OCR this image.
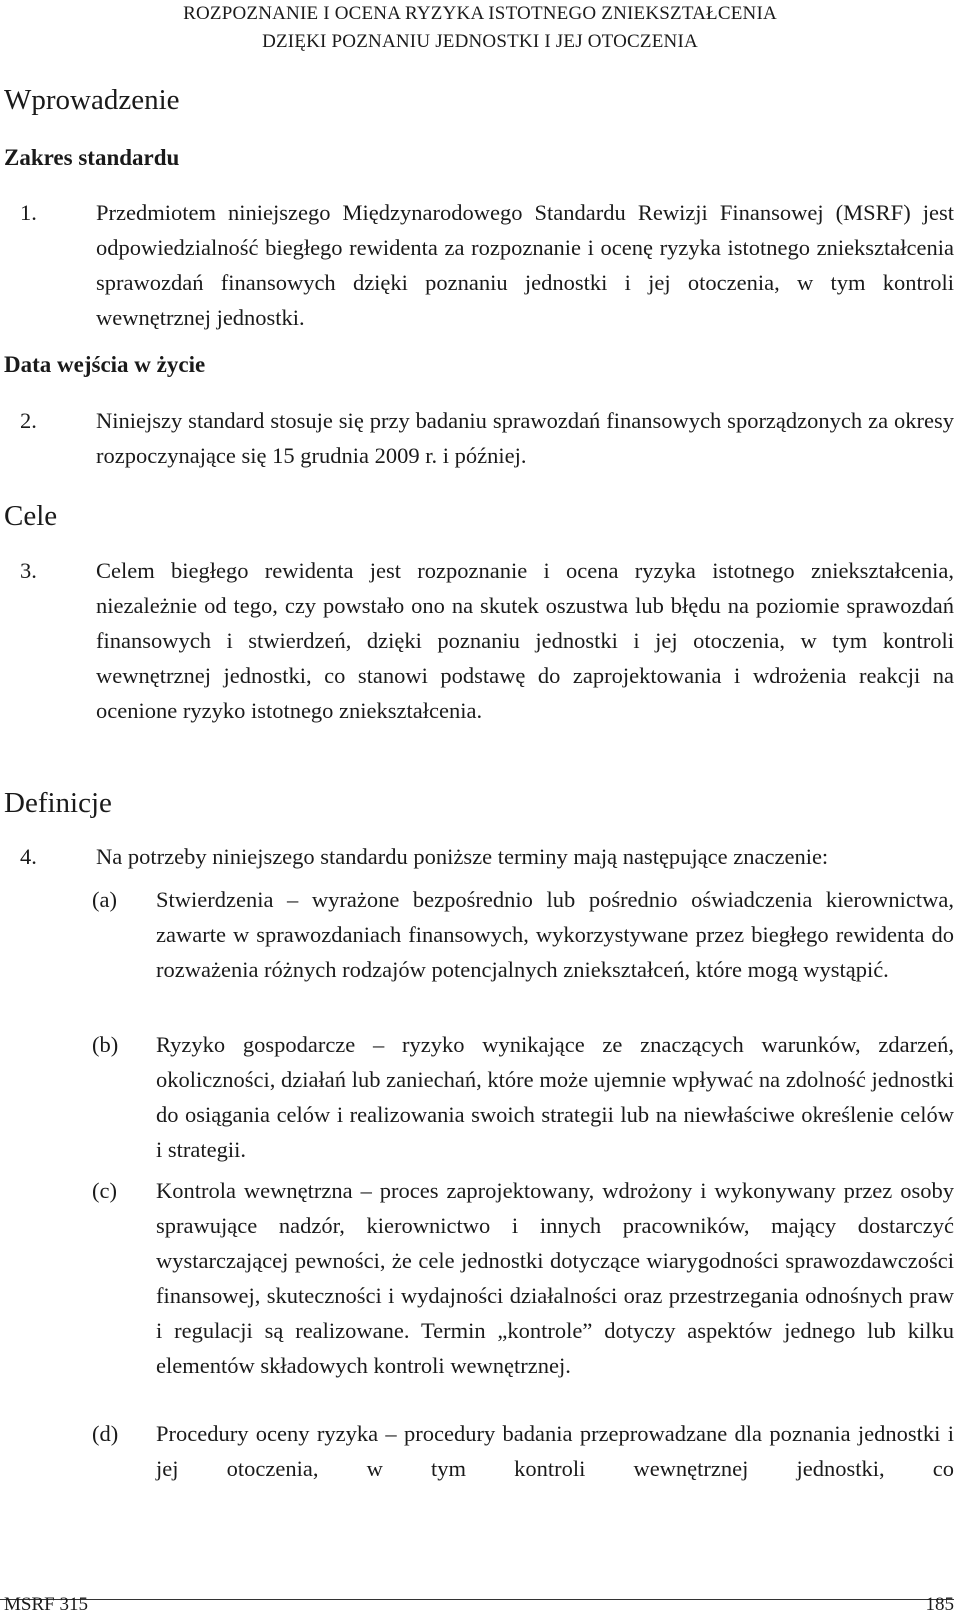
ROZPOZNANIE I OCENA RYZYKA ISTOTNEGO ZNIEKSZTAŁCENIA
DZIĘKI POZNANIU JEDNOSTKI I JEJ OTOCZENIA
Wprowadzenie
Zakres standardu
1.	Przedmiotem niniejszego Międzynarodowego Standardu Rewizji Finansowej (MSRF) jest odpowiedzialność biegłego rewidenta za rozpoznanie i ocenę ryzyka istotnego zniekształcenia sprawozdań finansowych dzięki poznaniu jednostki i jej otoczenia, w tym kontroli wewnętrznej jednostki.
Data wejścia w życie
2.	Niniejszy standard stosuje się przy badaniu sprawozdań finansowych sporządzonych za okresy rozpoczynające się 15 grudnia 2009 r. i później.
Cele
3.	Celem biegłego rewidenta jest rozpoznanie i ocena ryzyka istotnego zniekształcenia, niezależnie od tego, czy powstało ono na skutek oszustwa lub błędu na poziomie sprawozdań finansowych i stwierdzeń, dzięki poznaniu jednostki i jej otoczenia, w tym kontroli wewnętrznej jednostki, co stanowi podstawę do zaprojektowania i wdrożenia reakcji na ocenione ryzyko istotnego zniekształcenia.
Definicje
4.	Na potrzeby niniejszego standardu poniższe terminy mają następujące znaczenie:
(a) Stwierdzenia – wyrażone bezpośrednio lub pośrednio oświadczenia kierownictwa, zawarte w sprawozdaniach finansowych, wykorzystywane przez biegłego rewidenta do rozważenia różnych rodzajów potencjalnych zniekształceń, które mogą wystąpić.
(b) Ryzyko gospodarcze – ryzyko wynikające ze znaczących warunków, zdarzeń, okoliczności, działań lub zaniechań, które może ujemnie wpływać na zdolność jednostki do osiągania celów i realizowania swoich strategii lub na niewłaściwe określenie celów i strategii.
(c) Kontrola wewnętrzna – proces zaprojektowany, wdrożony i wykonywany przez osoby sprawujące nadzór, kierownictwo i innych pracowników, mający dostarczyć wystarczającej pewności, że cele jednostki dotyczące wiarygodności sprawozdawczości finansowej, skuteczności i wydajności działalności oraz przestrzegania odnośnych praw i regulacji są realizowane. Termin „kontrole” dotyczy aspektów jednego lub kilku elementów składowych kontroli wewnętrznej.
(d) Procedury oceny ryzyka – procedury badania przeprowadzane dla poznania jednostki i jej otoczenia, w tym kontroli wewnętrznej jednostki, co
MSRF 315	185
